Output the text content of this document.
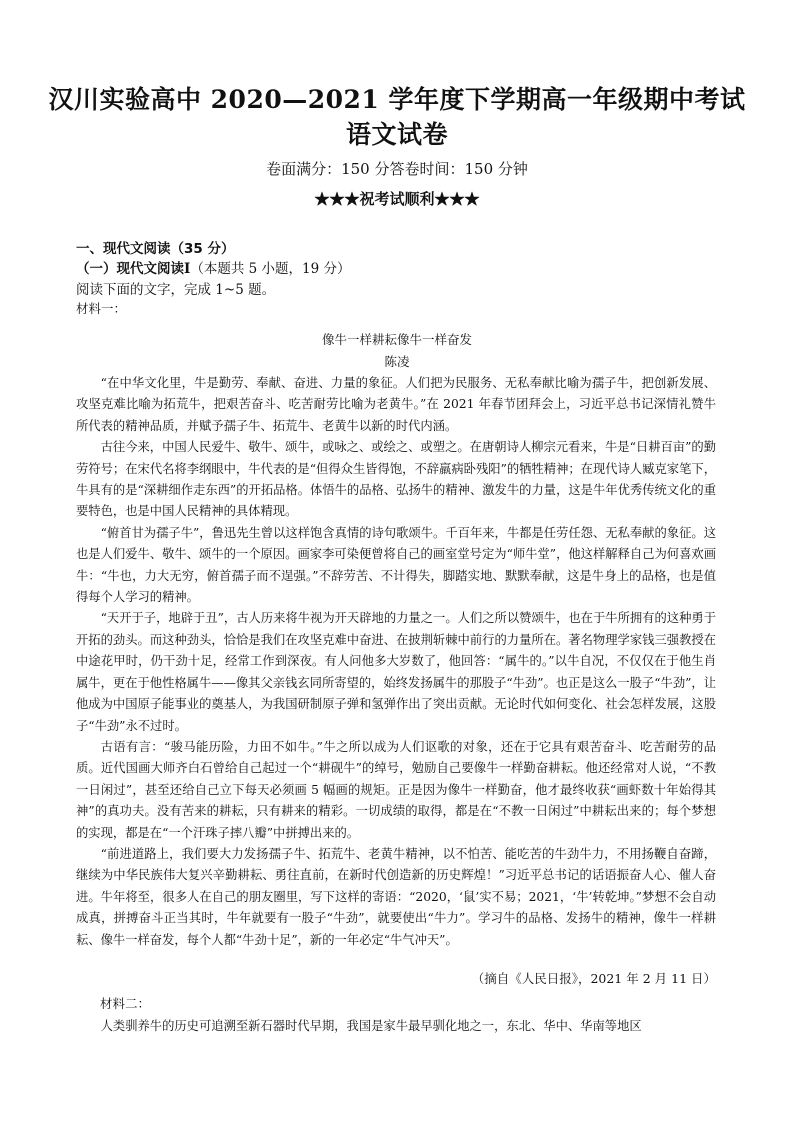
汉川实验高中 2020—2021 学年度下学期高一年级期中考试
语文试卷
卷面满分：150 分答卷时间：150 分钟
★★★祝考试顺利★★★
一、现代文阅读（35 分）
（一）现代文阅读Ⅰ（本题共 5 小题，19 分）
阅读下面的文字，完成 1~5 题。
材料一：
像牛一样耕耘像牛一样奋发
陈凌

“在中华文化里，牛是勤劳、奉献、奋进、力量的象征。人们把为民服务、无私奉献比喻为孺子牛，把创新发展、攻坚克难比喻为拓荒牛，把艰苦奋斗、吃苦耐劳比喻为老黄牛。”在 2021 年春节团拜会上，习近平总书记深情礼赞牛所代表的精神品质，并赋予孺子牛、拓荒牛、老黄牛以新的时代内涵。

古往今来，中国人民爱牛、敬牛、颂牛，或咏之、或绘之、或塑之。在唐朝诗人柳宗元看来，牛是“日耕百亩”的勤劳符号；在宋代名将李纲眼中，牛代表的是“但得众生皆得饱，不辞羸病卧残阳”的牺牲精神；在现代诗人臧克家笔下，牛具有的是“深耕细作走东西”的开拓品格。体悟牛的品格、弘扬牛的精神、激发牛的力量，这是牛年优秀传统文化的重要特色，也是中国人民精神的具体精现。

“俯首甘为孺子牛”，鲁迅先生曾以这样饱含真情的诗句歌颂牛。千百年来，牛都是任劳任怨、无私奉献的象征。这也是人们爱牛、敬牛、颂牛的一个原因。画家李可染便曾将自己的画室堂号定为“师牛堂”，他这样解释自己为何喜欢画牛：“牛也，力大无穷，俯首孺子而不逞强。”不辞劳苦、不计得失，脚踏实地、默默奉献，这是牛身上的品格，也是值得每个人学习的精神。

“天开于子，地辟于丑”，古人历来将牛视为开天辟地的力量之一。人们之所以赞颂牛，也在于牛所拥有的这种勇于开拓的劲头。而这种劲头，恰恰是我们在攻坚克难中奋进、在披荆斩棘中前行的力量所在。著名物理学家钱三强教授在中途花甲时，仍干劲十足，经常工作到深夜。有人问他多大岁数了，他回答：“属牛的。”以牛自况，不仅仅在于他生肖属牛，更在于他性格属牛——像其父亲钱玄同所寄望的，始终发扬属牛的那股子“牛劲”。也正是这么一股子“牛劲”，让他成为中国原子能事业的奠基人，为我国研制原子弹和氢弹作出了突出贡献。无论时代如何变化、社会怎样发展，这股子“牛劲”永不过时。

古语有言：“骏马能历险，力田不如牛。”牛之所以成为人们讴歌的对象，还在于它具有艰苦奋斗、吃苦耐劳的品质。近代国画大师齐白石曾给自己起过一个“耕砚牛”的绰号，勉励自己要像牛一样勤奋耕耘。他还经常对人说，“不教一日闲过”，甚至还给自己立下每天必须画 5 幅画的规矩。正是因为像牛一样勤奋，他才最终收获“画虾数十年始得其神”的真功夫。没有苦来的耕耘，只有耕来的精彩。一切成绩的取得，都是在“不教一日闲过”中耕耘出来的；每个梦想的实现，都是在“一个汗珠子摔八瓣”中拼搏出来的。

“前进道路上，我们要大力发扬孺子牛、拓荒牛、老黄牛精神，以不怕苦、能吃苦的牛劲牛力，不用扬鞭自奋蹄，继续为中华民族伟大复兴辛勤耕耘、勇往直前，在新时代创造新的历史辉煌！”习近平总书记的话语振奋人心、催人奋进。牛年将至，很多人在自己的朋友圈里，写下这样的寄语：“2020，‘鼠’实不易；2021，‘牛’转乾坤。”梦想不会自动成真，拼搏奋斗正当其时，牛年就要有一股子“牛劲”，就要使出“牛力”。学习牛的品格、发扬牛的精神，像牛一样耕耘、像牛一样奋发，每个人都“牛劲十足”，新的一年必定“牛气冲天”。

（摘自《人民日报》，2021 年 2 月 11 日）
材料二：

人类驯养牛的历史可追溯至新石器时代早期，我国是家牛最早驯化地之一，东北、华中、华南等地区
